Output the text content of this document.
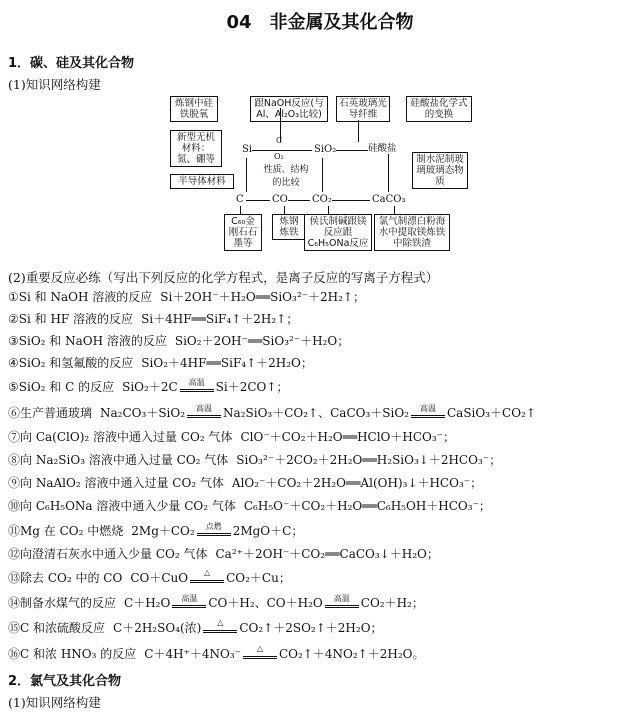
04　非金属及其化合物
1．碳、硅及其化合物
(1)知识网络构建
炼钢中硅铁脱氧
跟NaOH反应(与Al、Al₂O₃比较)
石英玻璃光导纤维
硅酸盐化学式的变换
新型无机材料：氮、硼等
半导体材料
制水泥制玻璃玻璃态物质
C₆₀金刚石石墨等
炼钢炼铁
侯氏制碱跟镁反应跟C₆H₅ONa反应
氯气制漂白粉海水中提取镁炼铁中除铁渣
Si
C
O₂
SiO₂	硅酸盐
性质、结构的比较
C	CO CO₂	CaCO₃
(2)重要反应必练（写出下列反应的化学方程式，是离子反应的写离子方程式）
①Si 和 NaOH 溶液的反应 Si＋2OH⁻＋H₂O══SiO₃²⁻＋2H₂↑；
②Si 和 HF 溶液的反应 Si＋4HF══SiF₄↑＋2H₂↑；
③SiO₂ 和 NaOH 溶液的反应 SiO₂＋2OH⁻══SiO₃²⁻＋H₂O；
④SiO₂ 和氢氟酸的反应 SiO₂＋4HF══SiF₄↑＋2H₂O；
⑤SiO₂ 和 C 的反应 SiO₂＋2C	高温 Si＋2CO↑；
⑥生产普通玻璃 Na₂CO₃＋SiO₂	高温 Na₂SiO₃＋CO₂↑、CaCO₃＋SiO₂	高温 CaSiO₃＋CO₂↑
⑦向 Ca(ClO)₂ 溶液中通入过量 CO₂ 气体 ClO⁻＋CO₂＋H₂O══HClO＋HCO₃⁻；
⑧向 Na₂SiO₃ 溶液中通入过量 CO₂ 气体 SiO₃²⁻＋2CO₂＋2H₂O══H₂SiO₃↓＋2HCO₃⁻；
⑨向 NaAlO₂ 溶液中通入过量 CO₂ 气体 AlO₂⁻＋CO₂＋2H₂O══Al(OH)₃↓＋HCO₃⁻；
⑩向 C₆H₅ONa 溶液中通入少量 CO₂ 气体 C₆H₅O⁻＋CO₂＋H₂O══C₆H₅OH＋HCO₃⁻；
⑪Mg 在 CO₂ 中燃烧 2Mg＋CO₂	点燃 2MgO＋C；
⑫向澄清石灰水中通入少量 CO₂ 气体 Ca²⁺＋2OH⁻＋CO₂══CaCO₃↓＋H₂O；
⑬除去 CO₂ 中的 CO CO＋CuO	△	CO₂＋Cu；
⑭制备水煤气的反应 C＋H₂O	高温 CO＋H₂、CO＋H₂O	高温 CO₂＋H₂；
⑮C 和浓硫酸反应 C＋2H₂SO₄(浓)	△	CO₂↑＋2SO₂↑＋2H₂O；
⑯C 和浓 HNO₃ 的反应 C＋4H⁺＋4NO₃⁻	△	CO₂↑＋4NO₂↑＋2H₂O。
2．氯气及其化合物
(1)知识网络构建
